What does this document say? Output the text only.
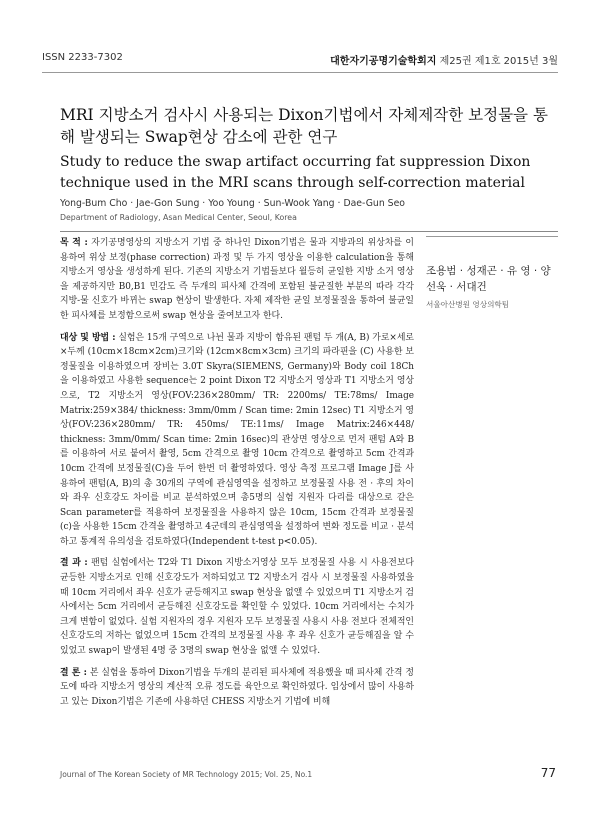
ISSN 2233-7302	대한자기공명기술학회지 제25권 제1호 2015년 3월
MRI 지방소거 검사시 사용되는 Dixon기법에서 자체제작한 보정물을 통해 발생되는 Swap현상 감소에 관한 연구
Study to reduce the swap artifact occurring fat suppression Dixon technique used in the MRI scans through self-correction material
Yong-Bum Cho · Jae-Gon Sung · Yoo Young · Sun-Wook Yang · Dae-Gun Seo
Department of Radiology, Asan Medical Center, Seoul, Korea

목 적 : 자기공명영상의 지방소거 기법 중 하나인 Dixon기법은 물과 지방과의 위상차를 이용하여 위상 보정(phase correction) 과정 및 두 가지 영상을 이용한 calculation을 통해 지방소거 영상을 생성하게 된다. 기존의 지방소거 기법들보다 월등히 균일한 지방 소거 영상을 제공하지만 B0,B1 민감도 즉 두개의 피사체 간격에 포함된 불균질한 부분의 따라 각각 지방-물 신호가 바뀌는 swap 현상이 발생한다. 자체 제작한 균일 보정물질을 통하여 불균일한 피사체를 보정함으로써 swap 현상을 줄여보고자 한다.

대상 및 방법 : 실험은 15개 구역으로 나뉜 물과 지방이 함유된 팬텀 두 개(A, B) 가로×세로×두께 (10cm×18cm×2cm)크기와 (12cm×8cm×3cm) 크기의 파라핀을 (C) 사용한 보정물질을 이용하였으며 장비는 3.0T Skyra(SIEMENS, Germany)와 Body coil 18Ch을 이용하였고 사용한 sequence는 2 point Dixon T2 지방소거 영상과 T1 지방소거 영상으로, T2 지방소거 영상(FOV:236×280mm/ TR: 2200ms/ TE:78ms/ Image Matrix:259×384/ thickness: 3mm/0mm / Scan time: 2min 12sec) T1 지방소거 영상(FOV:236×280mm/ TR: 450ms/ TE:11ms/ Image Matrix:246×448/ thickness: 3mm/0mm/ Scan time: 2min 16sec)의 관상면 영상으로 먼저 팬텀 A와 B를 이용하여 서로 붙여서 촬영, 5cm 간격으로 촬영 10cm 간격으로 촬영하고 5cm 간격과 10cm 간격에 보정물질(C)을 두어 한번 더 촬영하였다. 영상 측정 프로그램 Image J를 사용하여 팬텀(A, B)의 총 30개의 구역에 관심영역을 설정하고 보정물질 사용 전 · 후의 차이와 좌우 신호강도 차이를 비교 분석하였으며 총5명의 실험 지원자 다리를 대상으로 같은 Scan parameter를 적용하여 보정물질을 사용하지 않은 10cm, 15cm 간격과 보정물질(c)을 사용한 15cm 간격을 촬영하고 4군데의 관심영역을 설정하여 변화 정도를 비교 · 분석하고 통계적 유의성을 검토하였다(Independent t-test p<0.05).

결 과 : 팬텀 실험에서는 T2와 T1 Dixon 지방소거영상 모두 보정물질 사용 시 사용전보다 균등한 지방소거로 인해 신호강도가 저하되었고 T2 지방소거 검사 시 보정물질 사용하였을 때 10cm 거리에서 좌우 신호가 균등해지고 swap 현상을 없앨 수 있었으며 T1 지방소거 검사에서는 5cm 거리에서 균등해진 신호강도를 확인할 수 있었다. 10cm 거리에서는 수치가 크게 변함이 없었다. 실험 지원자의 경우 지원자 모두 보정물질 사용시 사용 전보다 전체적인 신호강도의 저하는 없었으며 15cm 간격의 보정물질 사용 후 좌우 신호가 균등해짐을 알 수 있었고 swap이 발생된 4명 중 3명의 swap 현상을 없앨 수 있었다.

결 론 : 본 실험을 통하여 Dixon기법을 두개의 분리된 피사체에 적용했을 때 피사체 간격 정도에 따라 지방소거 영상의 계산적 오류 정도를 육안으로 확인하였다. 임상에서 많이 사용하고 있는 Dixon기법은 기존에 사용하던 CHESS 지방소거 기법에 비해

조용범 · 성재곤 · 유 영 · 양선욱 · 서대건
서울아산병원 영상의학팀
Journal of The Korean Society of MR Technology 2015; Vol. 25, No.1	77
